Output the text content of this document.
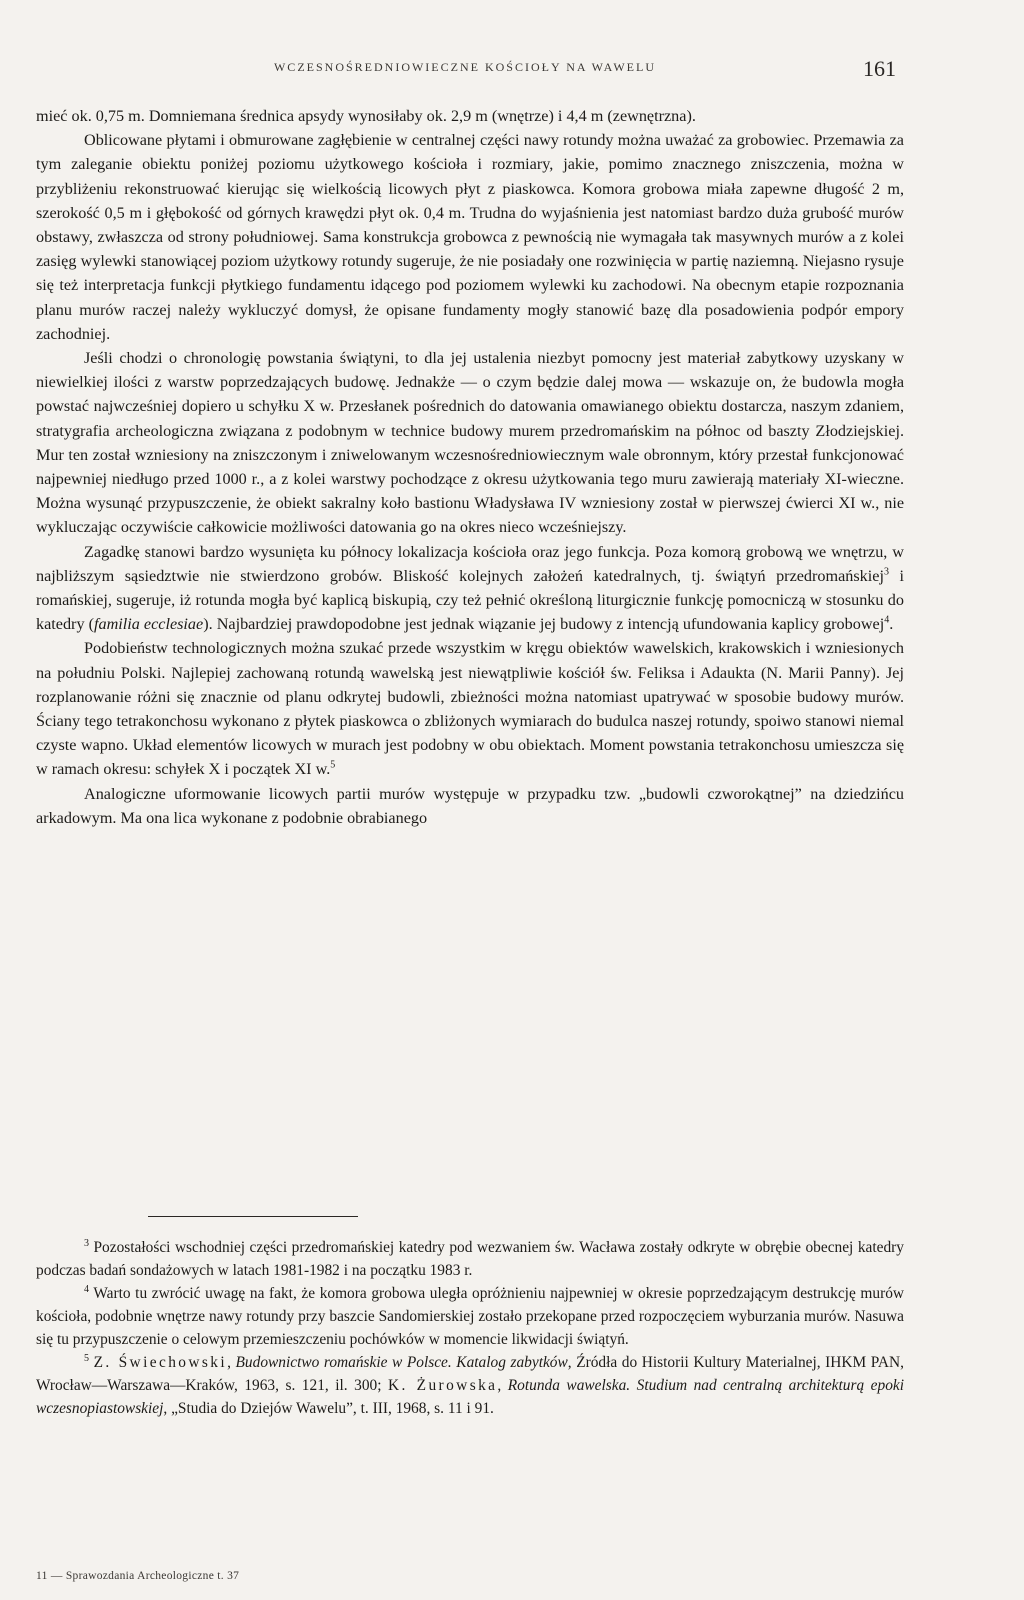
WCZESNOŚREDNIOWIECZNE KOŚCIOŁY NA WAWELU	161

mieć ok. 0,75 m. Domniemana średnica apsydy wynosiłaby ok. 2,9 m (wnętrze) i 4,4 m (zewnętrzna).

Oblicowane płytami i obmurowane zagłębienie w centralnej części nawy rotundy można uważać za grobowiec. Przemawia za tym zaleganie obiektu poniżej poziomu użytkowego kościoła i rozmiary, jakie, pomimo znacznego zniszczenia, można w przybliżeniu rekonstruować kierując się wielkością licowych płyt z piaskowca. Komora grobowa miała zapewne długość 2 m, szerokość 0,5 m i głębokość od górnych krawędzi płyt ok. 0,4 m. Trudna do wyjaśnienia jest natomiast bardzo duża grubość murów obstawy, zwłaszcza od strony południowej. Sama konstrukcja grobowca z pewnością nie wymagała tak masywnych murów a z kolei zasięg wylewki stanowiącej poziom użytkowy rotundy sugeruje, że nie posiadały one rozwinięcia w partię naziemną. Niejasno rysuje się też interpretacja funkcji płytkiego fundamentu idącego pod poziomem wylewki ku zachodowi. Na obecnym etapie rozpoznania planu murów raczej należy wykluczyć domysł, że opisane fundamenty mogły stanowić bazę dla posadowienia podpór empory zachodniej.

Jeśli chodzi o chronologię powstania świątyni, to dla jej ustalenia niezbyt pomocny jest materiał zabytkowy uzyskany w niewielkiej ilości z warstw poprzedzających budowę. Jednakże — o czym będzie dalej mowa — wskazuje on, że budowla mogła powstać najwcześniej dopiero u schyłku X w. Przesłanek pośrednich do datowania omawianego obiektu dostarcza, naszym zdaniem, stratygrafia archeologiczna związana z podobnym w technice budowy murem przedromańskim na północ od baszty Złodziejskiej. Mur ten został wzniesiony na zniszczonym i zniwelowanym wczesnośredniowiecznym wale obronnym, który przestał funkcjonować najpewniej niedługo przed 1000 r., a z kolei warstwy pochodzące z okresu użytkowania tego muru zawierają materiały XI-wieczne. Można wysunąć przypuszczenie, że obiekt sakralny koło bastionu Władysława IV wzniesiony został w pierwszej ćwierci XI w., nie wykluczając oczywiście całkowicie możliwości datowania go na okres nieco wcześniejszy.

Zagadkę stanowi bardzo wysunięta ku północy lokalizacja kościoła oraz jego funkcja. Poza komorą grobową we wnętrzu, w najbliższym sąsiedztwie nie stwierdzono grobów. Bliskość kolejnych założeń katedralnych, tj. świątyń przedromańskiej$^3$ i romańskiej, sugeruje, iż rotunda mogła być kaplicą biskupią, czy też pełnić określoną liturgicznie funkcję pomocniczą w stosunku do katedry (familia ecclesiae). Najbardziej prawdopodobne jest jednak wiązanie jej budowy z intencją ufundowania kaplicy grobowej$^4$.

Podobieństw technologicznych można szukać przede wszystkim w kręgu obiektów wawelskich, krakowskich i wzniesionych na południu Polski. Najlepiej zachowaną rotundą wawelską jest niewątpliwie kościół św. Feliksa i Adaukta (N. Marii Panny). Jej rozplanowanie różni się znacznie od planu odkrytej budowli, zbieżności można natomiast upatrywać w sposobie budowy murów. Ściany tego tetrakonchosu wykonano z płytek piaskowca o zbliżonych wymiarach do budulca naszej rotundy, spoiwo stanowi niemal czyste wapno. Układ elementów licowych w murach jest podobny w obu obiektach. Moment powstania tetrakonchosu umieszcza się w ramach okresu: schyłek X i początek XI w.$^5$

Analogiczne uformowanie licowych partii murów występuje w przypadku tzw. „budowli czworokątnej” na dziedzińcu arkadowym. Ma ona lica wykonane z podobnie obrabianego

$^3$ Pozostałości wschodniej części przedromańskiej katedry pod wezwaniem św. Wacława zostały odkryte w obrębie obecnej katedry podczas badań sondażowych w latach 1981-1982 i na początku 1983 r.

$^4$ Warto tu zwrócić uwagę na fakt, że komora grobowa uległa opróżnieniu najpewniej w okresie poprzedzającym destrukcję murów kościoła, podobnie wnętrze nawy rotundy przy baszcie Sandomierskiej zostało przekopane przed rozpoczęciem wyburzania murów. Nasuwa się tu przypuszczenie o celowym przemieszczeniu pochówków w momencie likwidacji świątyń.

$^5$ Z. Świechowski, Budownictwo romańskie w Polsce. Katalog zabytków, Źródła do Historii Kultury Materialnej, IHKM PAN, Wrocław—Warszawa—Kraków, 1963, s. 121, il. 300; K. Żurowska, Rotunda wawelska. Studium nad centralną architekturą epoki wczesnopiastowskiej, „Studia do Dziejów Wawelu”, t. III, 1968, s. 11 i 91.

11 — Sprawozdania Archeologiczne t. 37
